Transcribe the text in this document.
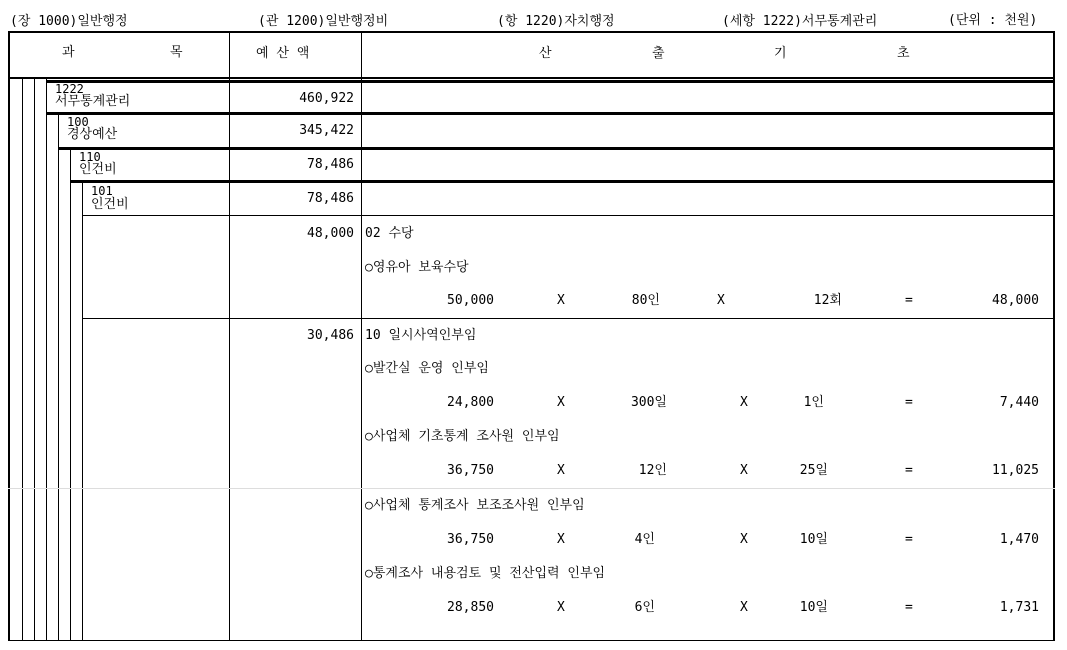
(장 1000)일반행정	(관 1200)일반행정비	(항 1220)자치행정	(세항 1222)서무통계관리	(단위 : 천원)
과	목	예 산 액	산	출	기	초
1222
서무통계관리	460,922
100
경상예산	345,422
110
인건비	78,486
101
인건비	78,486
48,000 02 수당
○영유아 보육수당
50,000	X	80인	X	12회	=	48,000
30,486 10 일시사역인부임
○발간실 운영 인부임
24,800	X	300일	X	1인	=	7,440
○사업체 기초통계 조사원 인부임
36,750	X	12인	X	25일	=	11,025
○사업체 통계조사 보조조사원 인부임
36,750	X	4인	X	10일	=	1,470
○통계조사 내용검토 및 전산입력 인부임
28,850	X	6인	X	10일	=	1,731
